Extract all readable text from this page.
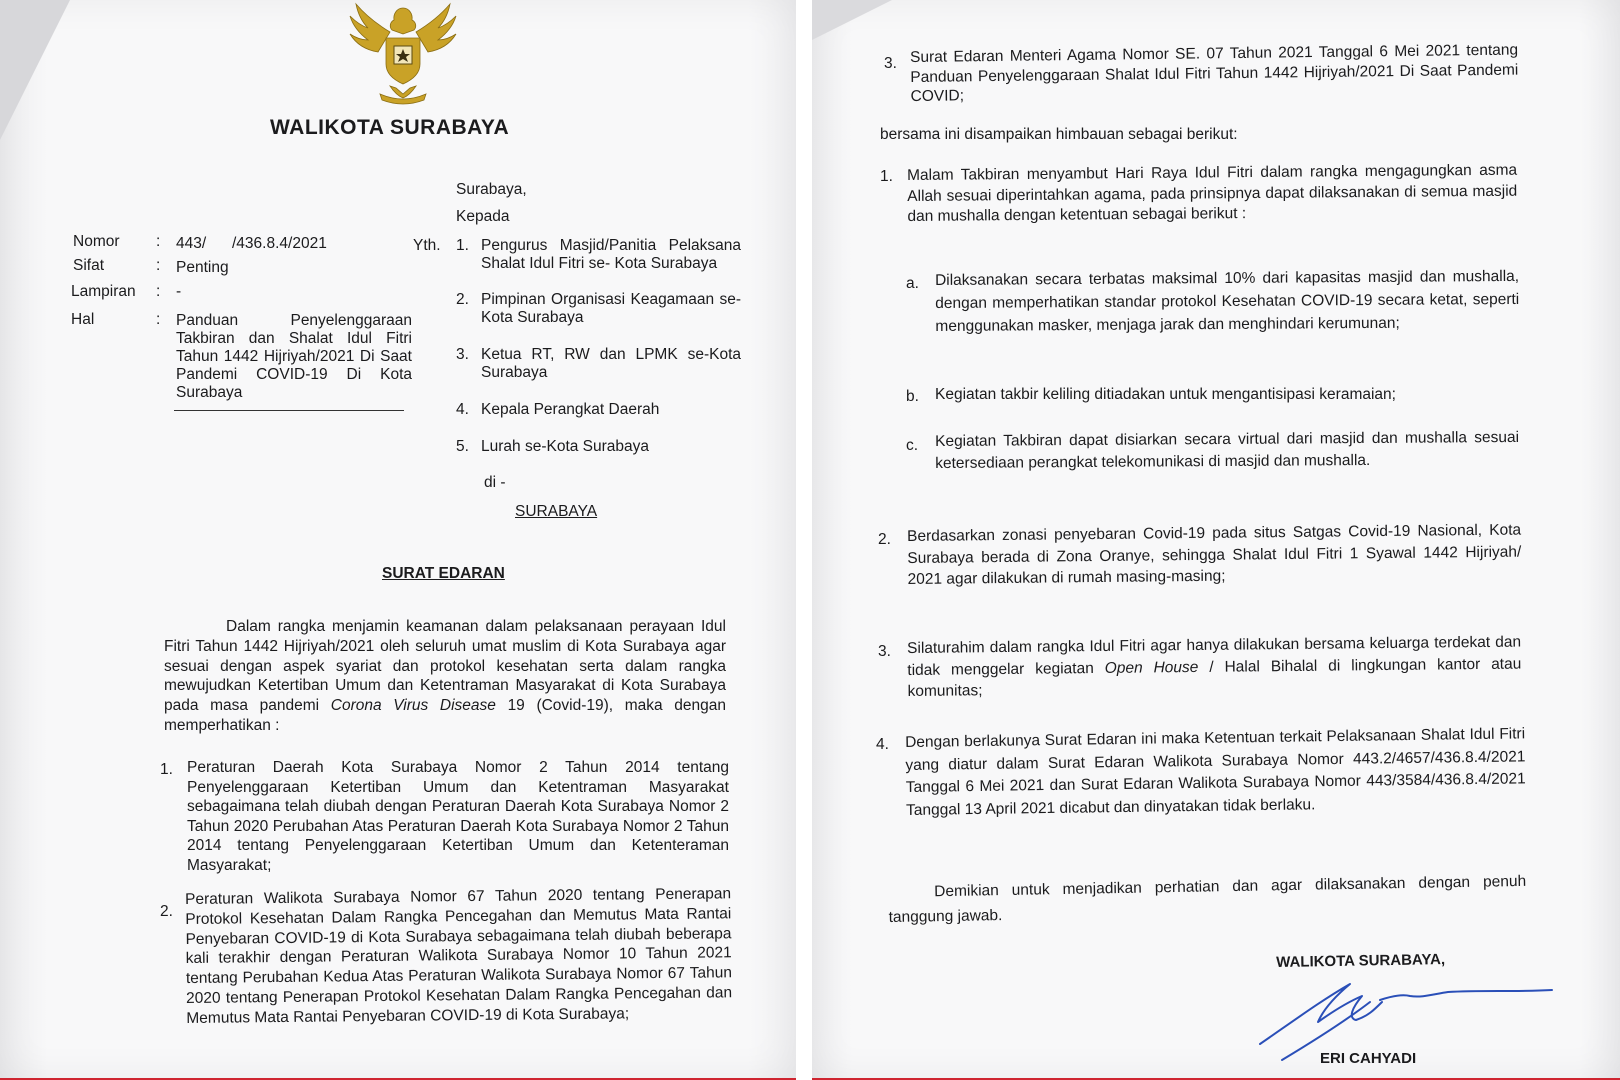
WALIKOTA SURABAYA
Surabaya,
Kepada
Nomor : 443/      /436.8.4/2021
Sifat	: Penting
Lampiran : -
Hal	: Panduan Penyelenggaraan Takbiran dan Shalat Idul Fitri Tahun 1442 Hijriyah/2021 Di Saat Pandemi COVID-19 Di Kota Surabaya
Yth. 1. Pengurus Masjid/Panitia Pelaksana Shalat Idul Fitri se- Kota Surabaya
2. Pimpinan Organisasi Keagamaan se-Kota Surabaya
3. Ketua RT, RW dan LPMK se-Kota Surabaya
4. Kepala Perangkat Daerah
5. Lurah se-Kota Surabaya
di -
SURABAYA
SURAT EDARAN
Dalam rangka menjamin keamanan dalam pelaksanaan perayaan Idul Fitri Tahun 1442 Hijriyah/2021 oleh seluruh umat muslim di Kota Surabaya agar sesuai dengan aspek syariat dan protokol kesehatan serta dalam rangka mewujudkan Ketertiban Umum dan Ketentraman Masyarakat di Kota Surabaya pada masa pandemi Corona Virus Disease 19 (Covid-19), maka dengan memperhatikan :
1. Peraturan Daerah Kota Surabaya Nomor 2 Tahun 2014 tentang Penyelenggaraan Ketertiban Umum dan Ketentraman Masyarakat sebagaimana telah diubah dengan Peraturan Daerah Kota Surabaya Nomor 2 Tahun 2020 Perubahan Atas Peraturan Daerah Kota Surabaya Nomor 2 Tahun 2014 tentang Penyelenggaraan Ketertiban Umum dan Ketenteraman Masyarakat;
2.
Peraturan Walikota Surabaya Nomor 67 Tahun 2020 tentang Penerapan Protokol Kesehatan Dalam Rangka Pencegahan dan Memutus Mata Rantai Penyebaran COVID-19 di Kota Surabaya sebagaimana telah diubah beberapa kali terakhir dengan Peraturan Walikota Surabaya Nomor 10 Tahun 2021 tentang Perubahan Kedua Atas Peraturan Walikota Surabaya Nomor 67 Tahun 2020 tentang Penerapan Protokol Kesehatan Dalam Rangka Pencegahan dan Memutus Mata Rantai Penyebaran COVID-19 di Kota Surabaya;
3. Surat Edaran Menteri Agama Nomor SE. 07 Tahun 2021 Tanggal 6 Mei 2021 tentang Panduan Penyelenggaraan Shalat Idul Fitri Tahun 1442 Hijriyah/2021 Di Saat Pandemi COVID;
bersama ini disampaikan himbauan sebagai berikut:
1. Malam Takbiran menyambut Hari Raya Idul Fitri dalam rangka mengagungkan asma Allah sesuai diperintahkan agama, pada prinsipnya dapat dilaksanakan di semua masjid dan mushalla dengan ketentuan sebagai berikut :
a. Dilaksanakan secara terbatas maksimal 10% dari kapasitas masjid dan mushalla, dengan memperhatikan standar protokol Kesehatan COVID-19 secara ketat, seperti menggunakan masker, menjaga jarak dan menghindari kerumunan;
b. Kegiatan takbir keliling ditiadakan untuk mengantisipasi keramaian;
c. Kegiatan Takbiran dapat disiarkan secara virtual dari masjid dan mushalla sesuai ketersediaan perangkat telekomunikasi di masjid dan mushalla.
2. Berdasarkan zonasi penyebaran Covid-19 pada situs Satgas Covid-19 Nasional, Kota Surabaya berada di Zona Oranye, sehingga Shalat Idul Fitri 1 Syawal 1442 Hijriyah/ 2021 agar dilakukan di rumah masing-masing;
3. Silaturahim dalam rangka Idul Fitri agar hanya dilakukan bersama keluarga terdekat dan tidak menggelar kegiatan Open House / Halal Bihalal di lingkungan kantor atau komunitas;
4. Dengan berlakunya Surat Edaran ini maka Ketentuan terkait Pelaksanaan Shalat Idul Fitri yang diatur dalam Surat Edaran Walikota Surabaya Nomor 443.2/4657/436.8.4/2021 Tanggal 6 Mei 2021 dan Surat Edaran Walikota Surabaya Nomor 443/3584/436.8.4/2021 Tanggal 13 April 2021 dicabut dan dinyatakan tidak berlaku.
Demikian untuk menjadikan perhatian dan agar dilaksanakan dengan penuh tanggung jawab.
WALIKOTA SURABAYA,
ERI CAHYADI
